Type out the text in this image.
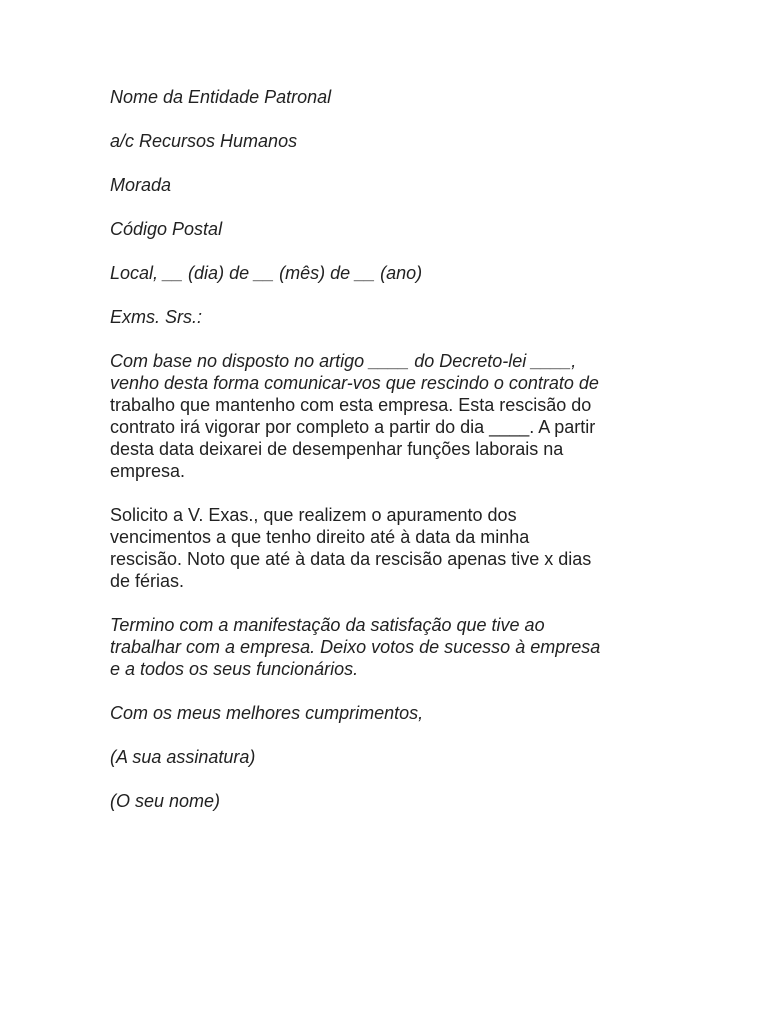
Nome da Entidade Patronal

a/c Recursos Humanos

Morada

Código Postal

Local, __ (dia) de __ (mês) de __ (ano)

Exms. Srs.:

Com base no disposto no artigo ____ do Decreto-lei ____,
venho desta forma comunicar-vos que rescindo o contrato de
trabalho que mantenho com esta empresa. Esta rescisão do
contrato irá vigorar por completo a partir do dia ____. A partir
desta data deixarei de desempenhar funções laborais na
empresa.
Solicito a V. Exas., que realizem o apuramento dos
vencimentos a que tenho direito até à data da minha
rescisão. Noto que até à data da rescisão apenas tive x dias
de férias.
Termino com a manifestação da satisfação que tive ao
trabalhar com a empresa. Deixo votos de sucesso à empresa
e a todos os seus funcionários.

Com os meus melhores cumprimentos,

(A sua assinatura)

(O seu nome)
